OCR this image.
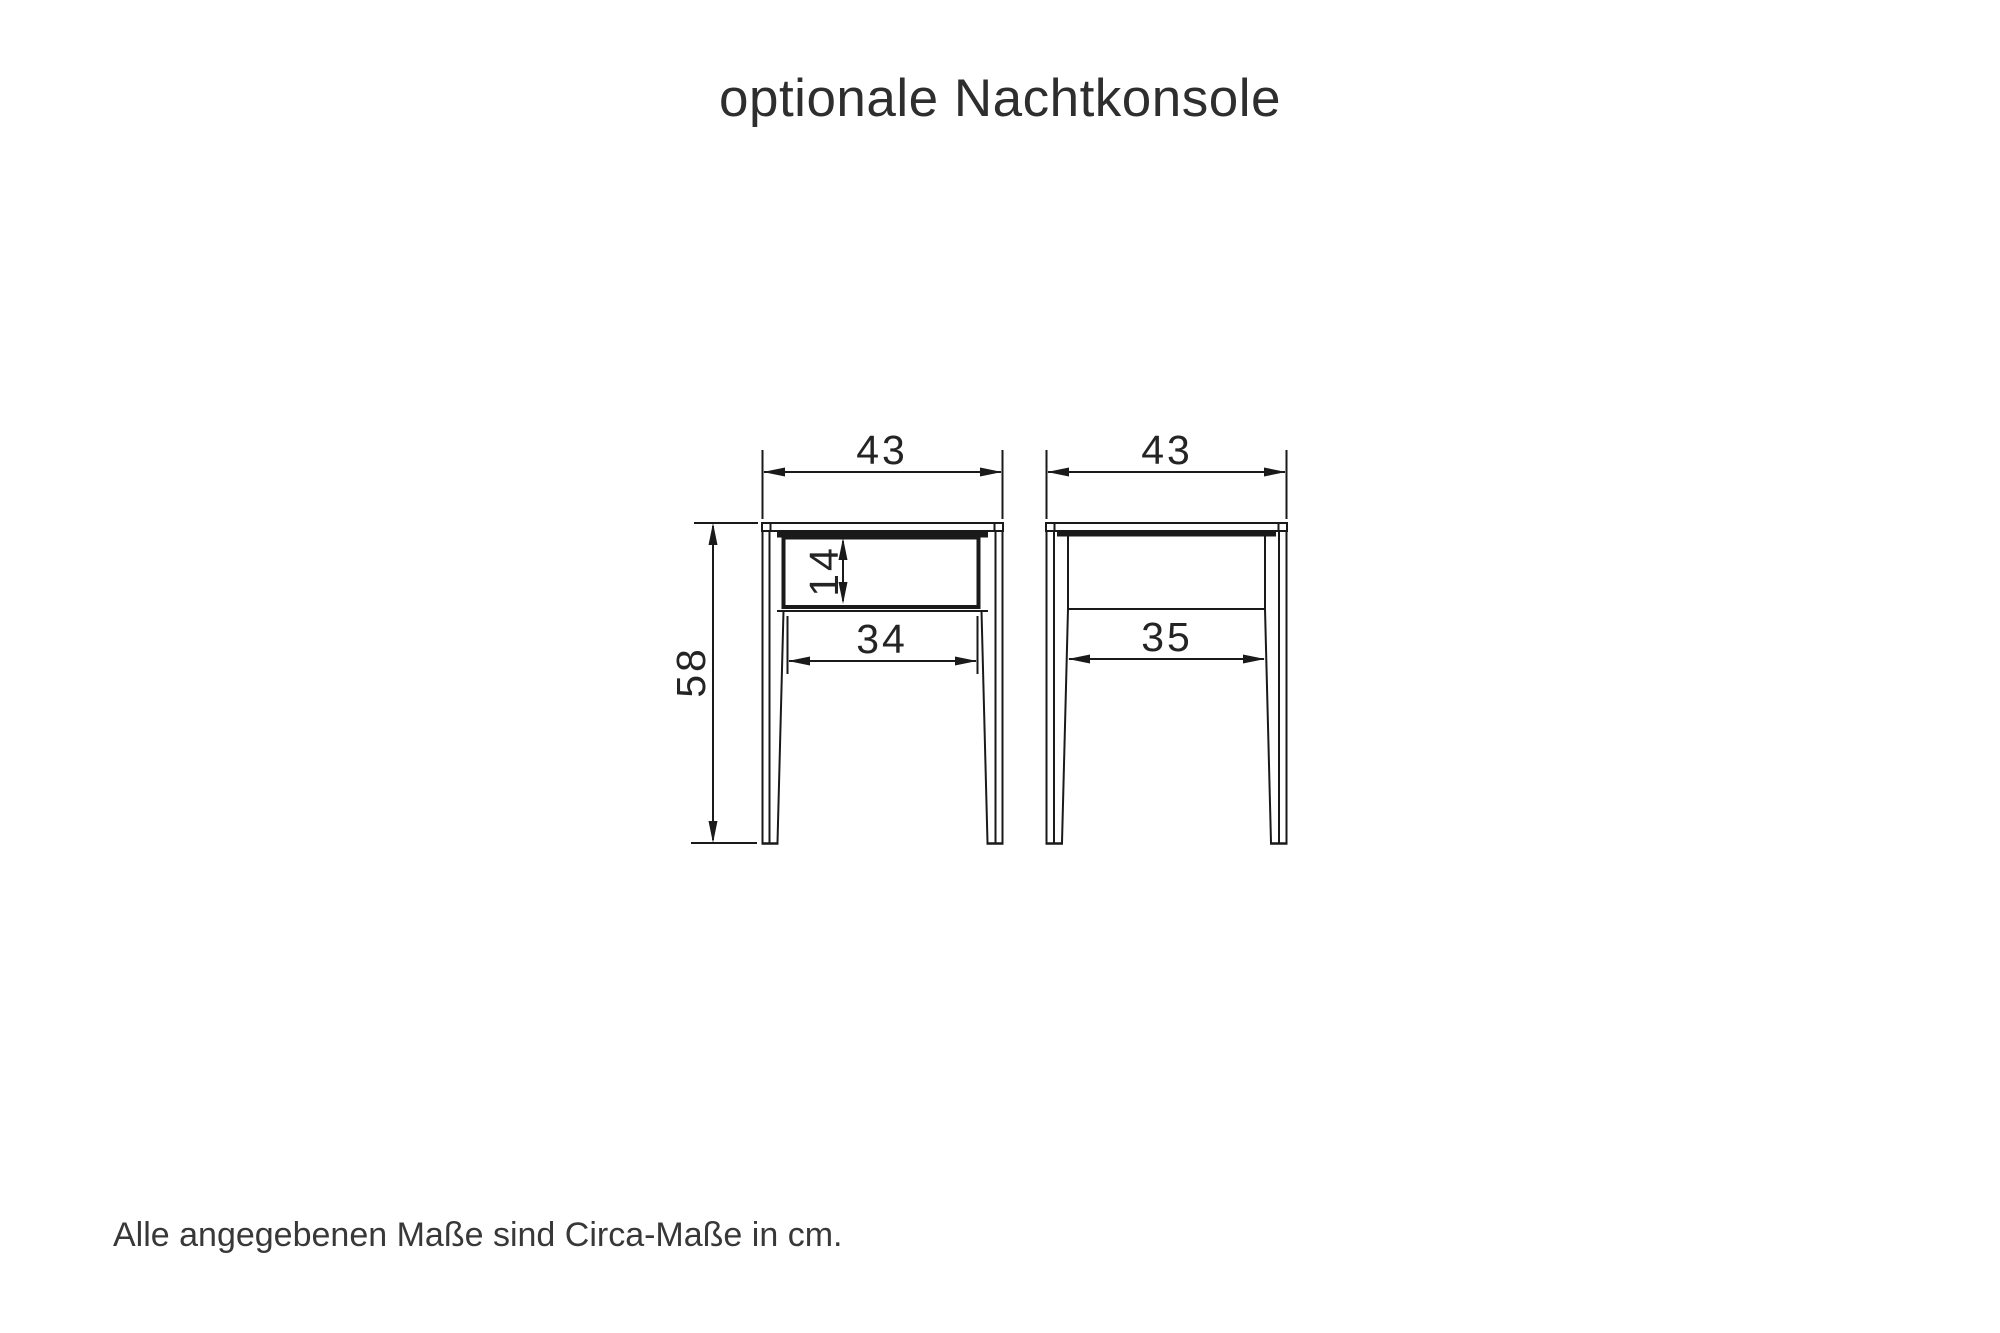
optionale Nachtkonsole
43
14
34
58
43
35
Alle angegebenen Maße sind Circa-Maße in cm.
